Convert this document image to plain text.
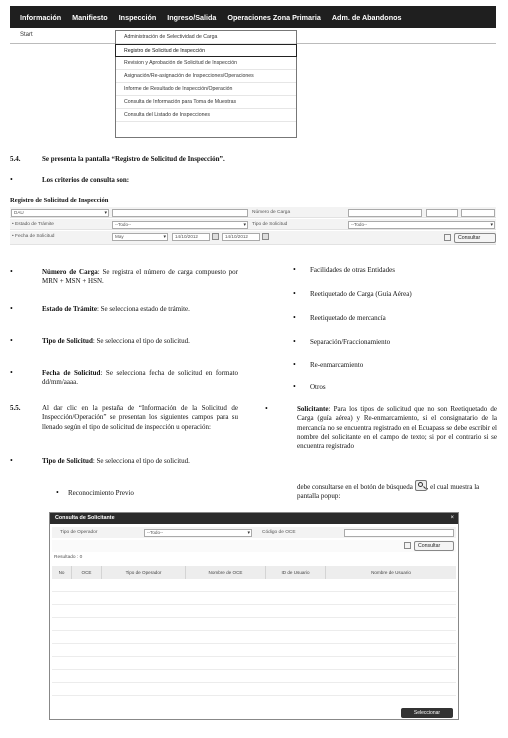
Información Manifiesto Inspección Ingreso/Salida Operaciones Zona Primaria Adm. de Abandonos
Start	Administración de Selectividad de Carga
Registro de Solicitud de Inspección
Revision y Aprobación de Solicitud de Inspección
Asignación/Re-asignación de Inspecciones/Operaciones
Informe de Resultado de Inspección/Operación
Consulta de Información para Toma de Muestras
Consulta del Listado de Inspecciones
5.4.	Se presenta la pantalla “Registro de Solicitud de Inspección”.
•	Los criterios de consulta son:
Registro de Solicitud de Inspección
DAU	▾	Número de Carga
• Estado de Trámite	--Todo--	▾ Tipo de Solicitud	--Todo--	▾
• Fecha de Solicitud	May	▾	14/10/2012	14/10/2012	Consultar
•	Número de Carga: Se registra el número de carga compuesto por MRN + MSN + HSN.
•	Estado de Trámite: Se selecciona estado de trámite.
•	Tipo de Solicitud: Se selecciona el tipo de solicitud.
•	Fecha de Solicitud: Se selecciona fecha de solicitud en formato dd/mm/aaaa.
• Facilidades de otras Entidades
• Reetiquetado de Carga (Guía Aérea)
• Reetiquetado de mercancía
• Separación/Fraccionamiento
• Re-enmarcamiento
• Otros
5.5.	Al dar clic en la pestaña de “Información de la Solicitud de Inspección/Operación” se presentan los siguientes campos para su llenado según el tipo de solicitud de inspección u operación:
•	Tipo de Solicitud: Se selecciona el tipo de solicitud.
• Reconocimiento Previo
•	Solicitante: Para los tipos de solicitud que no son Reetiquetado de Carga (guía aérea) y Re-enmarcamiento, si el consignatario de la mercancía no se encuentra registrado en el Ecuapass se debe escribir el nombre del solicitante en el campo de texto; si por el contrario si se encuentra registrado
debe consultarse en el botón de búsqueda , el cual muestra la pantalla popup:
Consulta de Solicitante	×
Tipo de Operador	--Todo--	▾	Código de OCE
Consultar
Resultado : 0
No	OCE	Tipo de Operador	Nombre de OCE	ID de Usuario	Nombre de Usuario
Seleccionar
